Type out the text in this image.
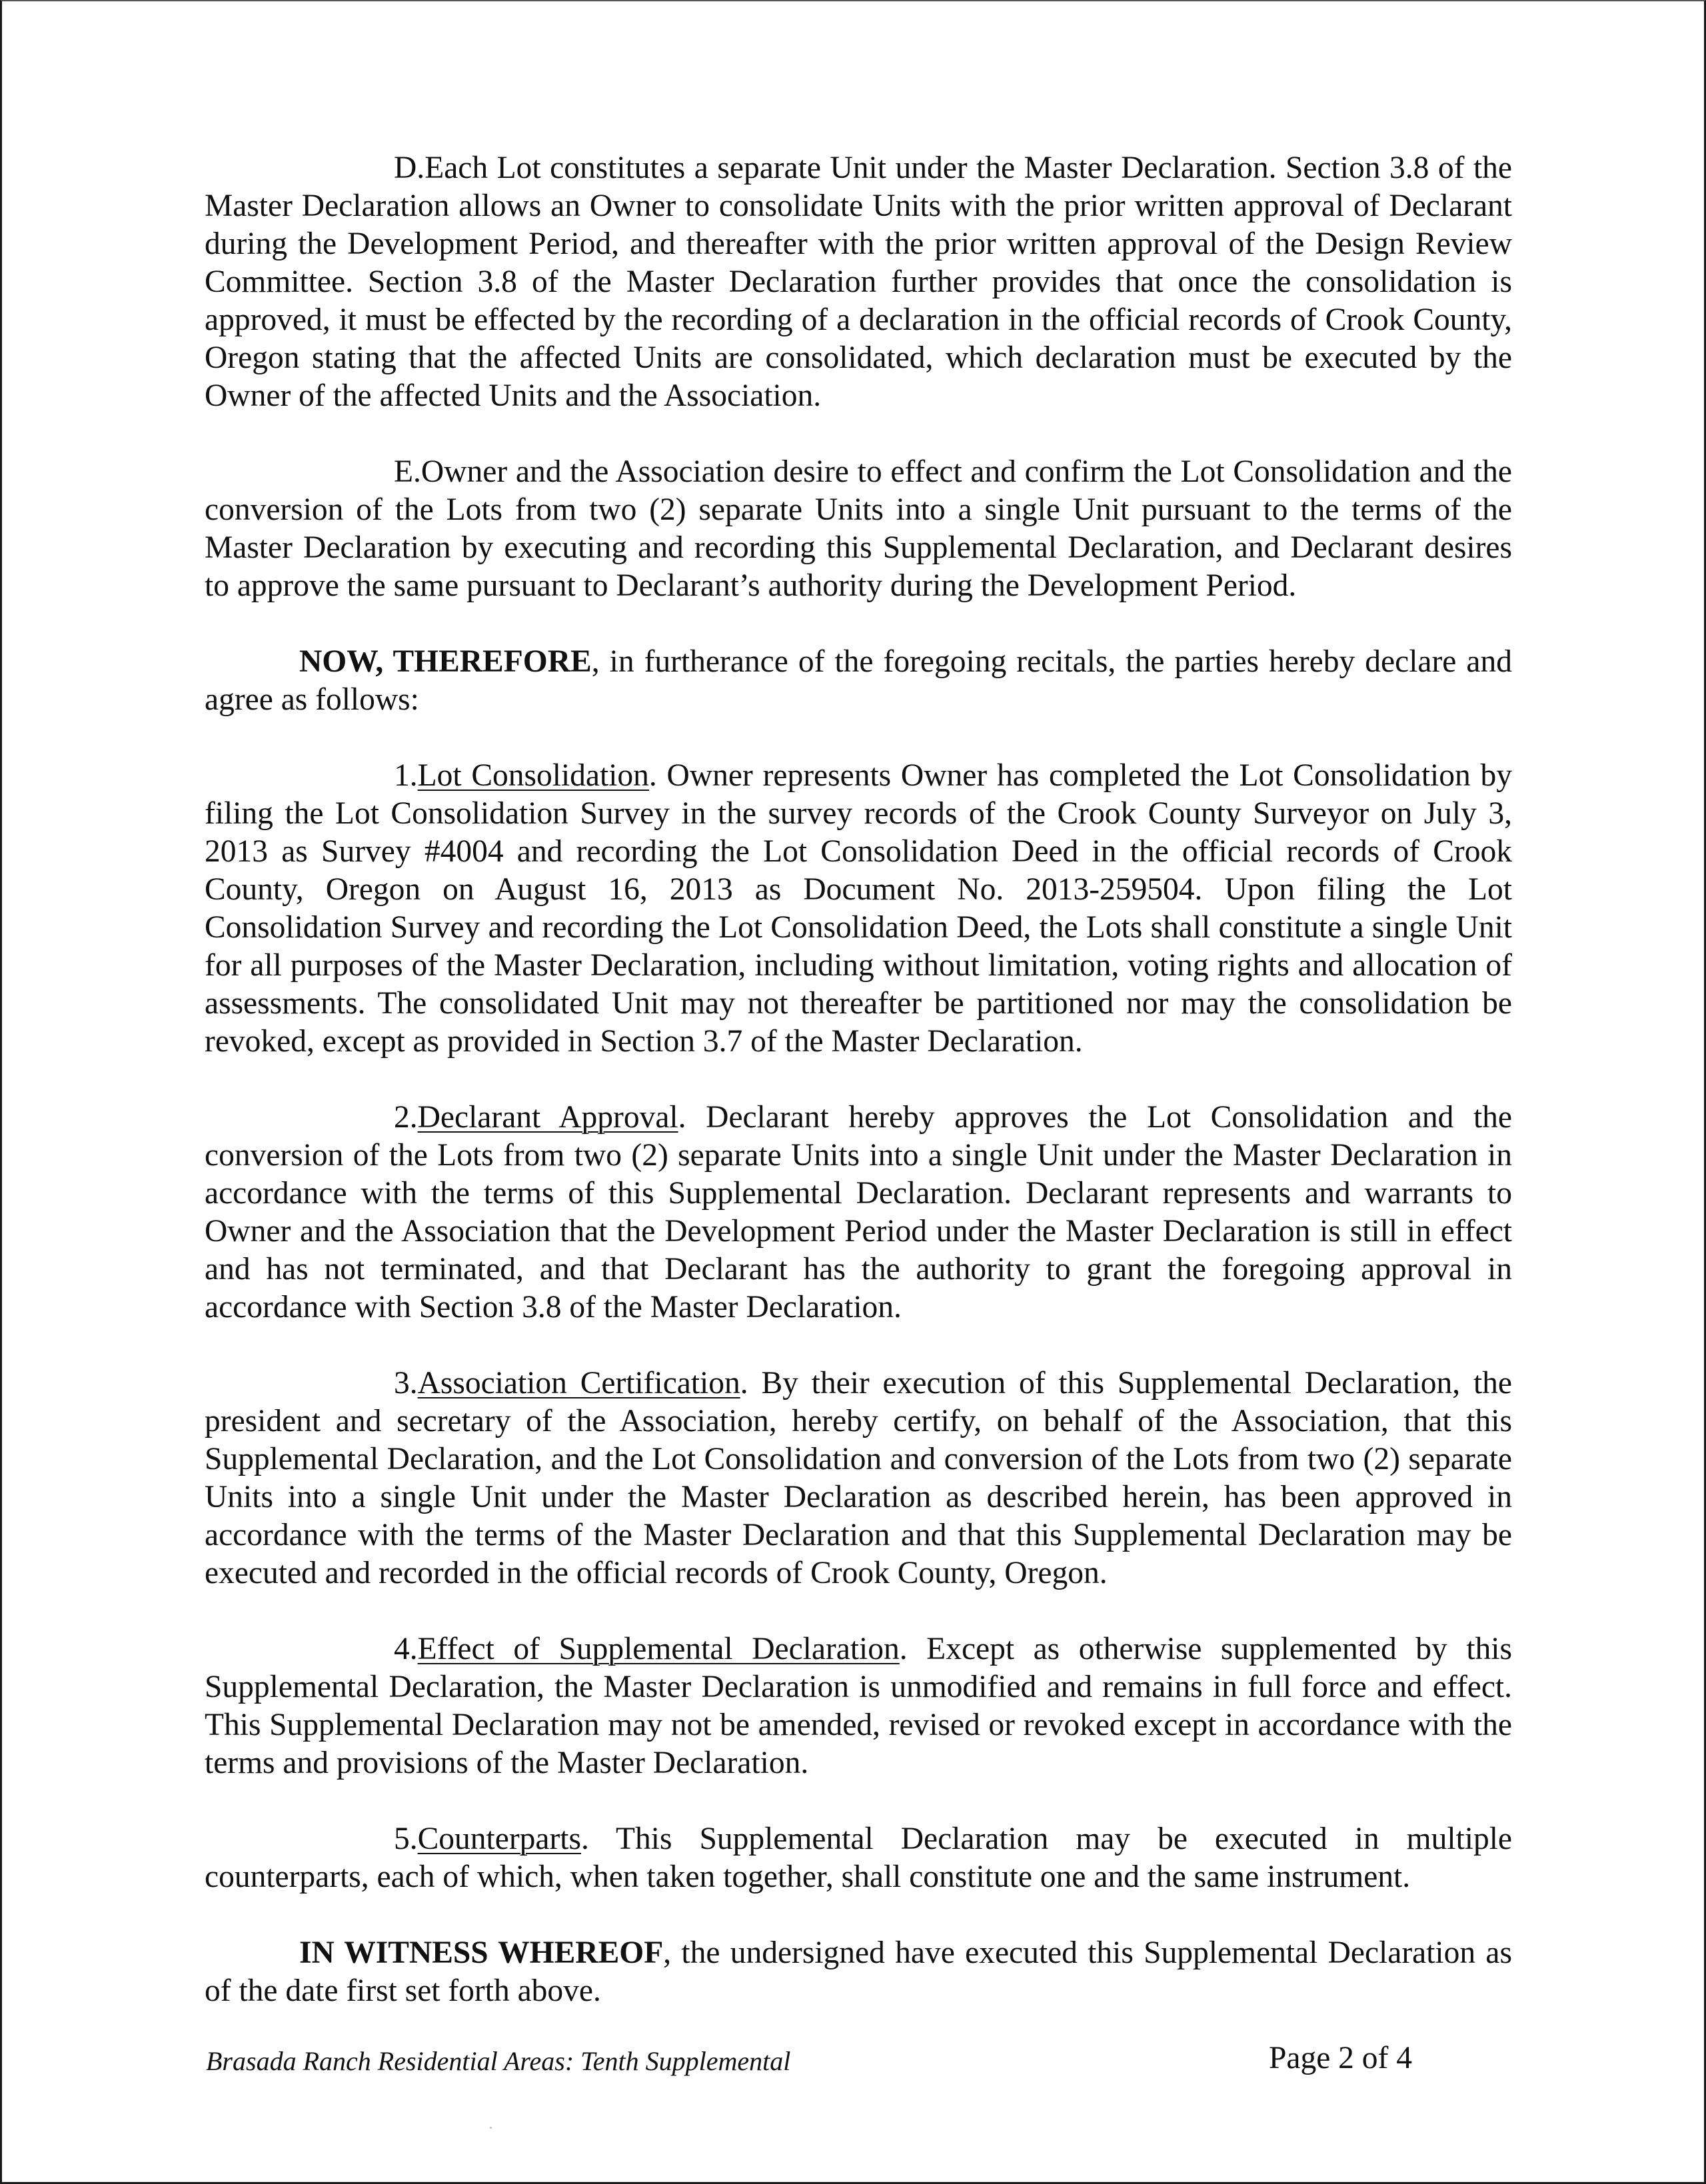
D.Each Lot constitutes a separate Unit under the Master Declaration. Section 3.8 of the Master Declaration allows an Owner to consolidate Units with the prior written approval of Declarant during the Development Period, and thereafter with the prior written approval of the Design Review Committee. Section 3.8 of the Master Declaration further provides that once the consolidation is approved, it must be effected by the recording of a declaration in the official records of Crook County, Oregon stating that the affected Units are consolidated, which declaration must be executed by the Owner of the affected Units and the Association.

E.Owner and the Association desire to effect and confirm the Lot Consolidation and the conversion of the Lots from two (2) separate Units into a single Unit pursuant to the terms of the Master Declaration by executing and recording this Supplemental Declaration, and Declarant desires to approve the same pursuant to Declarant’s authority during the Development Period.

NOW, THEREFORE, in furtherance of the foregoing recitals, the parties hereby declare and agree as follows:

1.Lot Consolidation. Owner represents Owner has completed the Lot Consolidation by filing the Lot Consolidation Survey in the survey records of the Crook County Surveyor on July 3, 2013 as Survey #4004 and recording the Lot Consolidation Deed in the official records of Crook County, Oregon on August 16, 2013 as Document No. 2013-259504. Upon filing the Lot Consolidation Survey and recording the Lot Consolidation Deed, the Lots shall constitute a single Unit for all purposes of the Master Declaration, including without limitation, voting rights and allocation of assessments. The consolidated Unit may not thereafter be partitioned nor may the consolidation be revoked, except as provided in Section 3.7 of the Master Declaration.

2.Declarant Approval. Declarant hereby approves the Lot Consolidation and the conversion of the Lots from two (2) separate Units into a single Unit under the Master Declaration in accordance with the terms of this Supplemental Declaration. Declarant represents and warrants to Owner and the Association that the Development Period under the Master Declaration is still in effect and has not terminated, and that Declarant has the authority to grant the foregoing approval in accordance with Section 3.8 of the Master Declaration.

3.Association Certification. By their execution of this Supplemental Declaration, the president and secretary of the Association, hereby certify, on behalf of the Association, that this Supplemental Declaration, and the Lot Consolidation and conversion of the Lots from two (2) separate Units into a single Unit under the Master Declaration as described herein, has been approved in accordance with the terms of the Master Declaration and that this Supplemental Declaration may be executed and recorded in the official records of Crook County, Oregon.

4.Effect of Supplemental Declaration. Except as otherwise supplemented by this Supplemental Declaration, the Master Declaration is unmodified and remains in full force and effect. This Supplemental Declaration may not be amended, revised or revoked except in accordance with the terms and provisions of the Master Declaration.

5.Counterparts. This Supplemental Declaration may be executed in multiple counterparts, each of which, when taken together, shall constitute one and the same instrument.

IN WITNESS WHEREOF, the undersigned have executed this Supplemental Declaration as of the date first set forth above.

Brasada Ranch Residential Areas: Tenth Supplemental	Page 2 of 4
